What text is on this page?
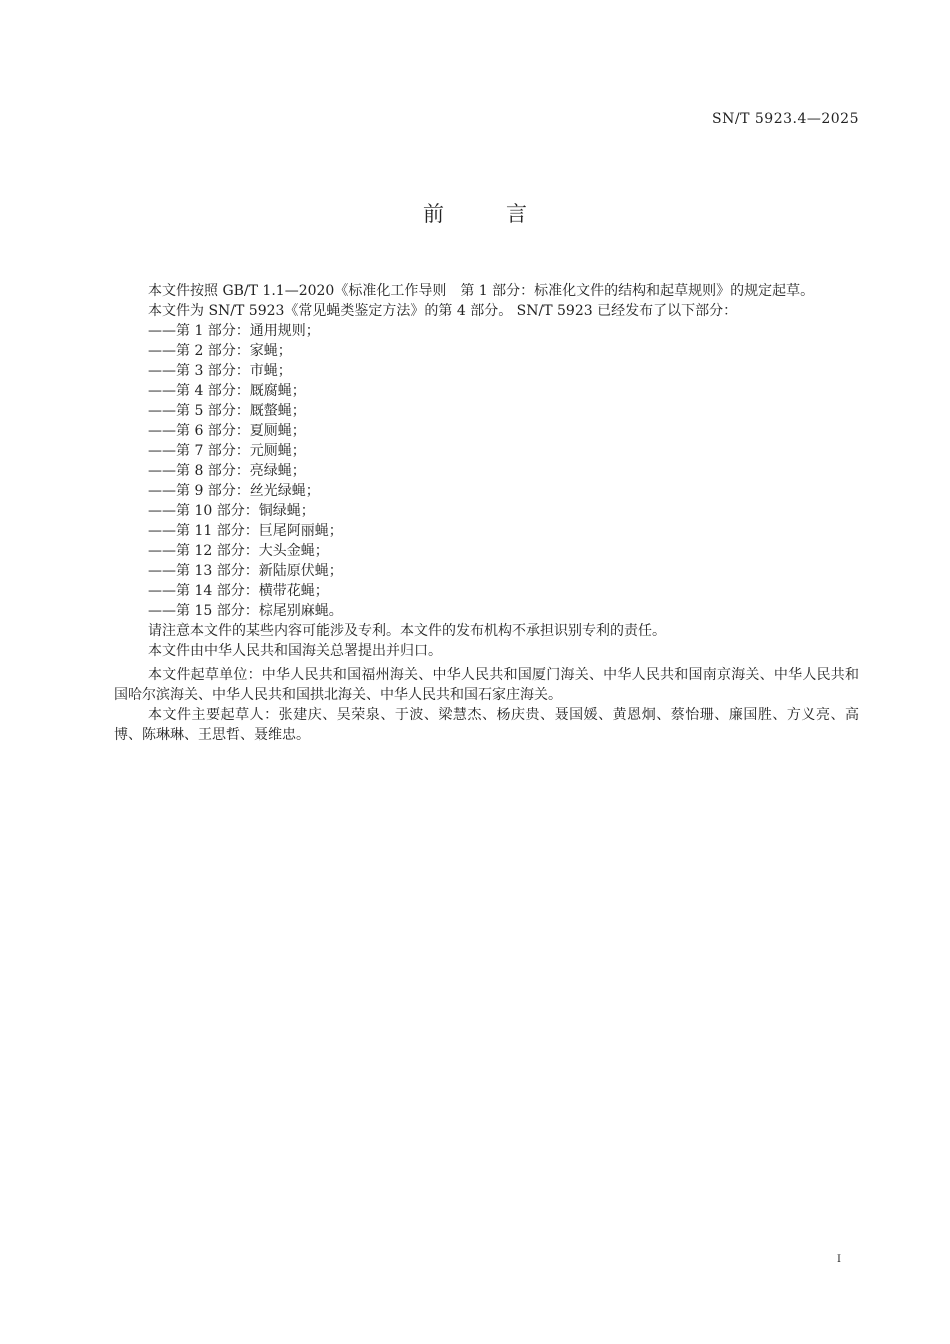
SN/T 5923.4—2025
前言

本文件按照 GB/T 1.1—2020《标准化工作导则　第 1 部分：标准化文件的结构和起草规则》的规定起草。

本文件为 SN/T 5923《常见蝇类鉴定方法》的第 4 部分。 SN/T 5923 已经发布了以下部分：

——第 1 部分：通用规则；

——第 2 部分：家蝇；

——第 3 部分：市蝇；

——第 4 部分：厩腐蝇；

——第 5 部分：厩螫蝇；

——第 6 部分：夏厕蝇；

——第 7 部分：元厕蝇；

——第 8 部分：亮绿蝇；

——第 9 部分：丝光绿蝇；

——第 10 部分：铜绿蝇；

——第 11 部分：巨尾阿丽蝇；

——第 12 部分：大头金蝇；

——第 13 部分：新陆原伏蝇；

——第 14 部分：横带花蝇；

——第 15 部分：棕尾别麻蝇。

请注意本文件的某些内容可能涉及专利。本文件的发布机构不承担识别专利的责任。

本文件由中华人民共和国海关总署提出并归口。

本文件起草单位：中华人民共和国福州海关、中华人民共和国厦门海关、中华人民共和国南京海关、中华人民共和国哈尔滨海关、中华人民共和国拱北海关、中华人民共和国石家庄海关。

本文件主要起草人：张建庆、吴荣泉、于波、梁慧杰、杨庆贵、聂国媛、黄恩炯、蔡怡珊、廉国胜、方义亮、高博、陈琳琳、王思哲、聂维忠。

I
